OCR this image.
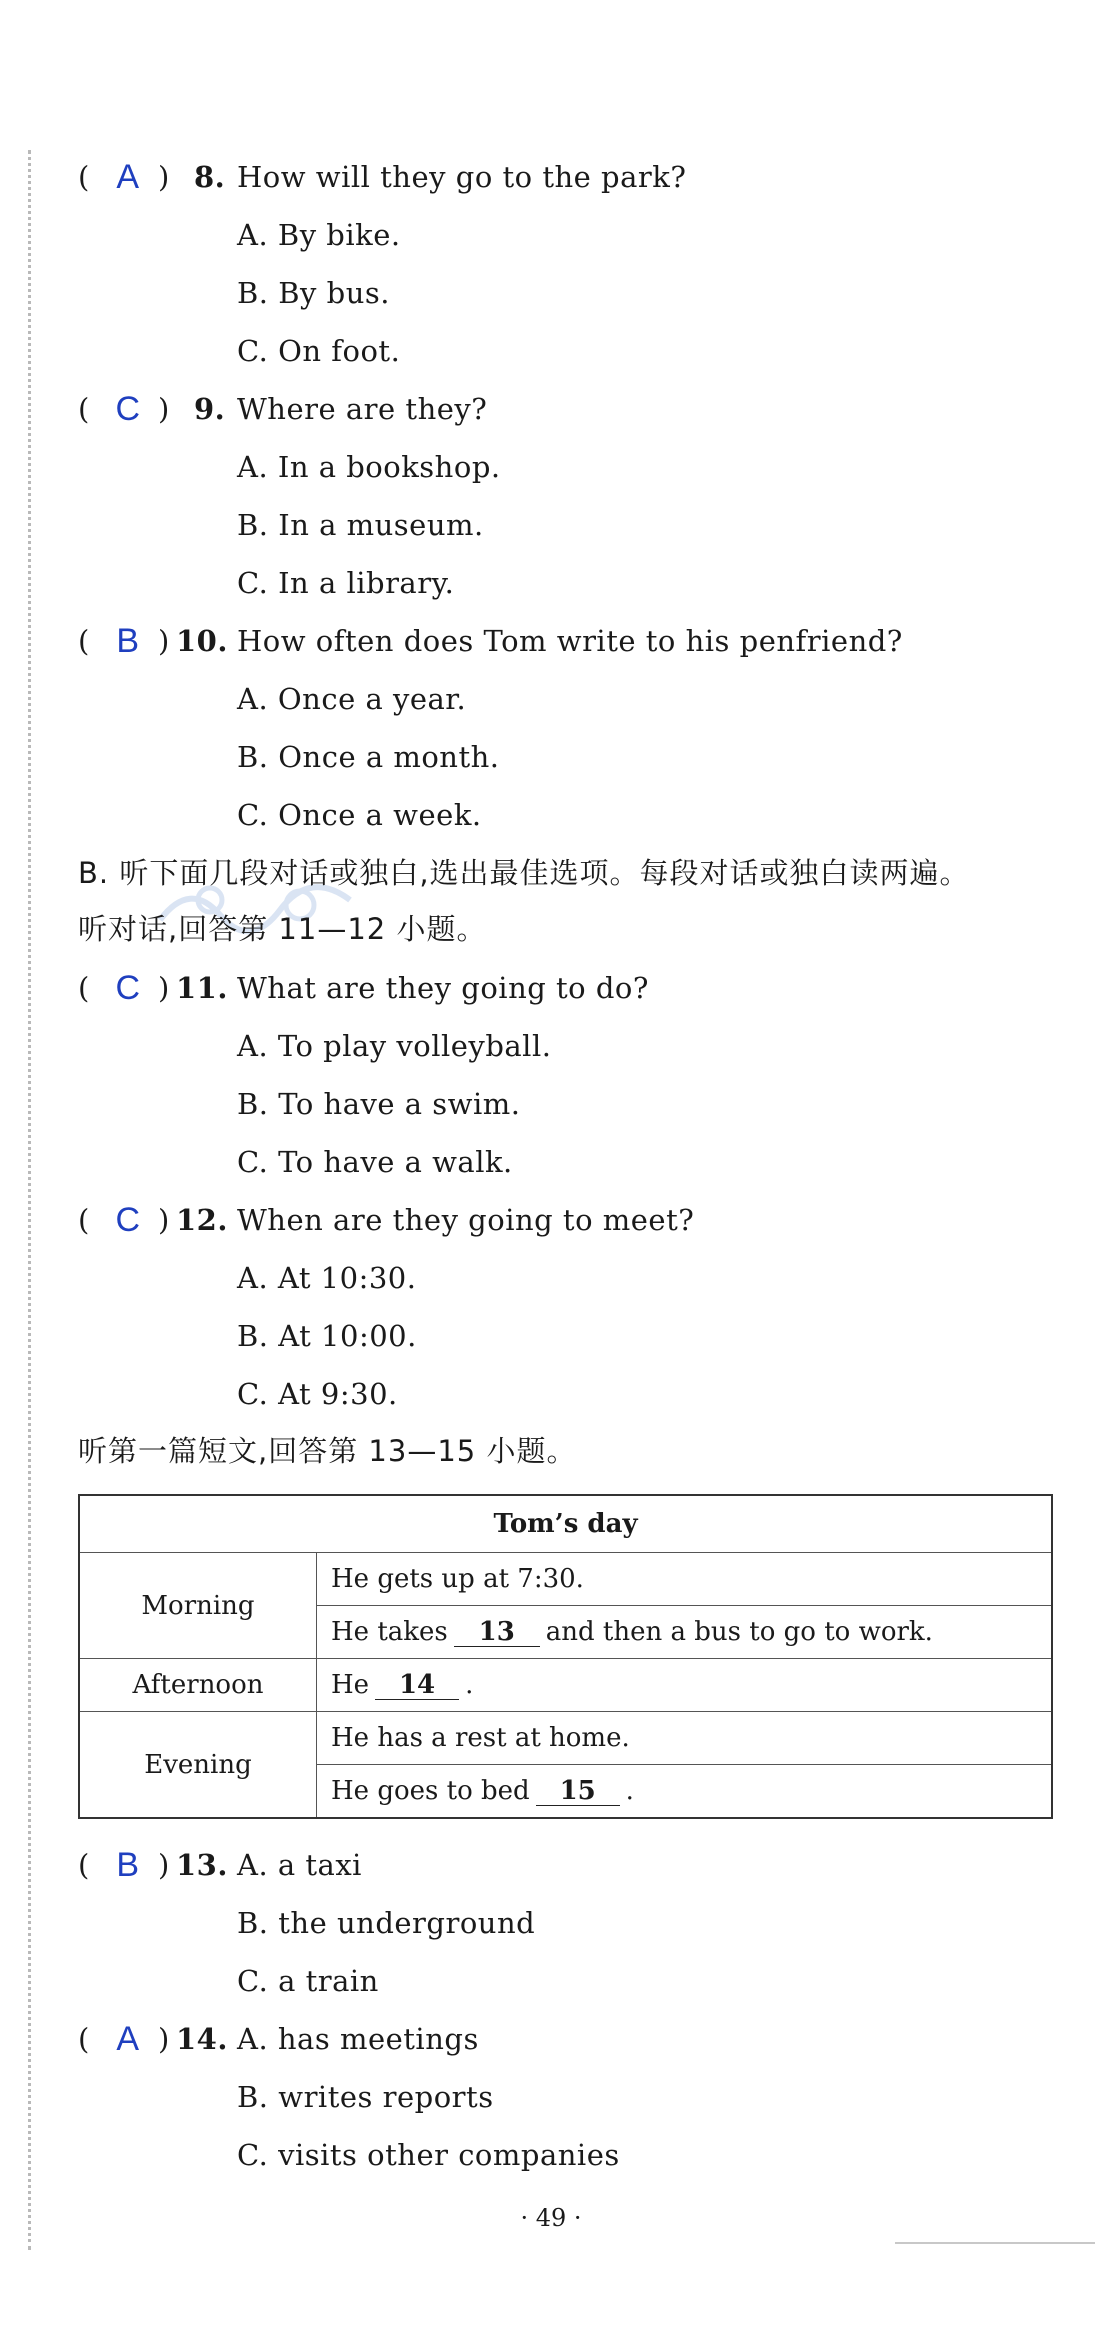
( A ) 8. How will they go to the park?
A. By bike.
B. By bus.
C. On foot.
( C ) 9. Where are they?
A. In a bookshop.
B. In a museum.
C. In a library.
( B ) 10. How often does Tom write to his penfriend?
A. Once a year.
B. Once a month.
C. Once a week.
B. 听下面几段对话或独白,选出最佳选项。每段对话或独白读两遍。
听对话,回答第 11—12 小题。
( C ) 11. What are they going to do?
A. To play volleyball.
B. To have a swim.
C. To have a walk.
( C ) 12. When are they going to meet?
A. At 10:30.
B. At 10:00.
C. At 9:30.
听第一篇短文,回答第 13—15 小题。
Tom’s day	
Morning	He gets up at 7:30.
	He takes 13 and then a bus to go to work.
Afternoon	He 14 .
Evening	He has a rest at home.
	He goes to bed 15 .
( B ) 13. A. a taxi
B. the underground
C. a train
( A ) 14. A. has meetings
B. writes reports
C. visits other companies
· 49 ·
